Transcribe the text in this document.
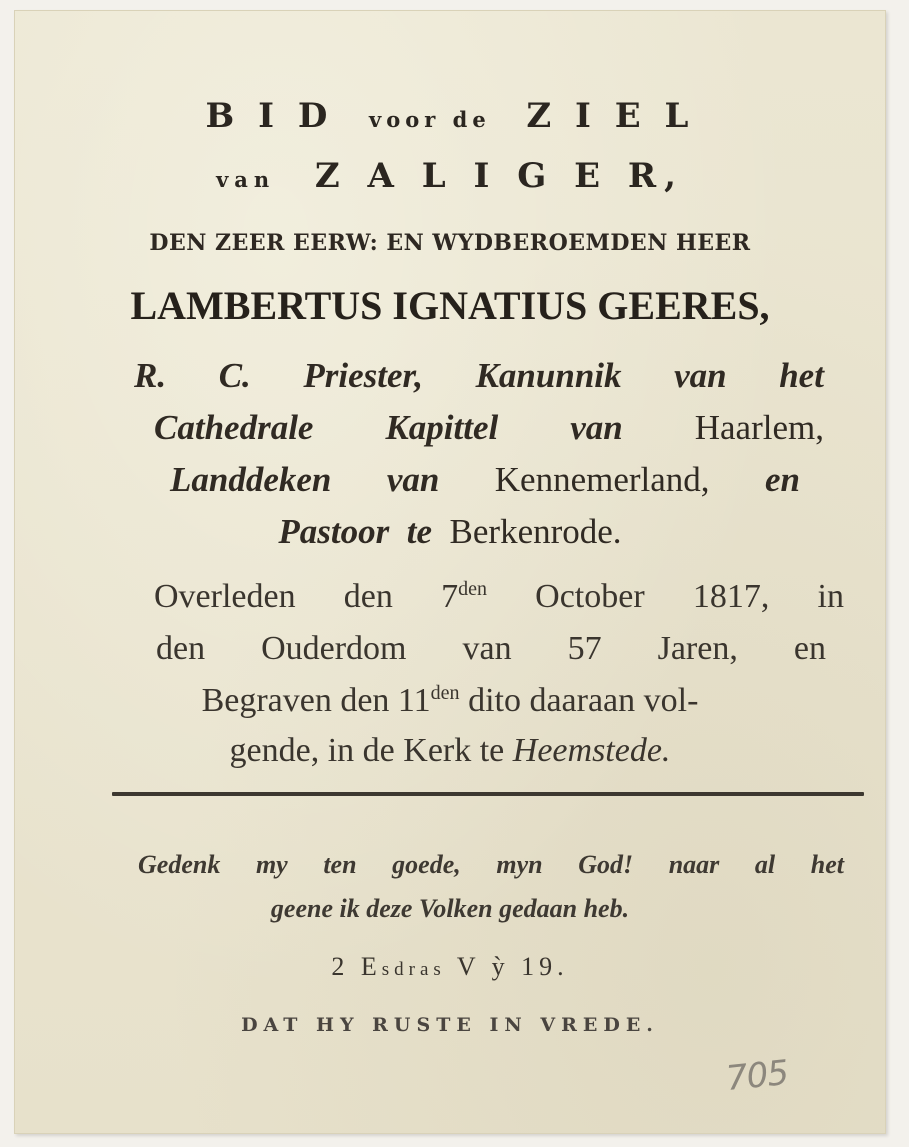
B I D voor de Z I E L

van Z A L I G E R,

DEN ZEER EERW: EN WYDBEROEMDEN HEER

LAMBERTUS IGNATIUS GEERES,

R. C. Priester, Kanunnik van het
Cathedrale Kapittel van Haarlem,
Landdeken van Kennemerland, en

Pastoor te Berkenrode.

Overleden den $7^{den}$ October 1817, in
den Ouderdom van 57 Jaren, en

Begraven den $11^{den}$ dito daaraan vol-

gende, in de Kerk te Heemstede.

Gedenk my ten goede, myn God! naar al het

geene ik deze Volken gedaan heb.

2 Esdras V ỳ 19.

DAT HY RUSTE IN VREDE.

705
